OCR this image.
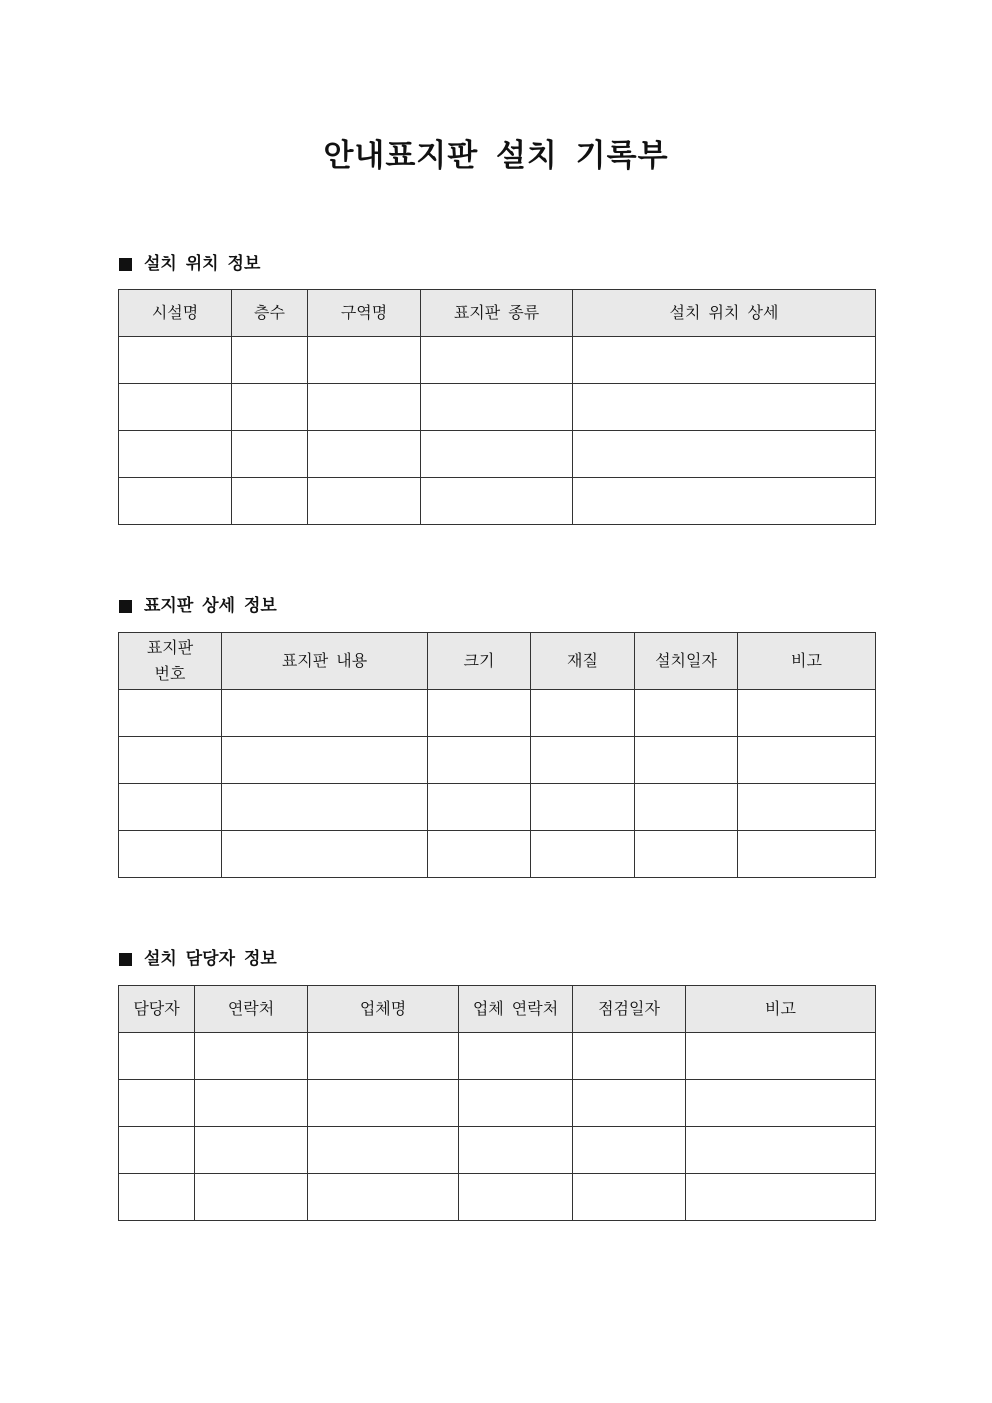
안내표지판 설치 기록부
설치 위치 정보
시설명	층수	구역명	표지판 종류	설치 위치 상세

표지판 상세 정보
표지판
번호	표지판 내용	크기	재질	설치일자	비고

설치 담당자 정보
담당자	연락처	업체명	업체 연락처	점검일자	비고
